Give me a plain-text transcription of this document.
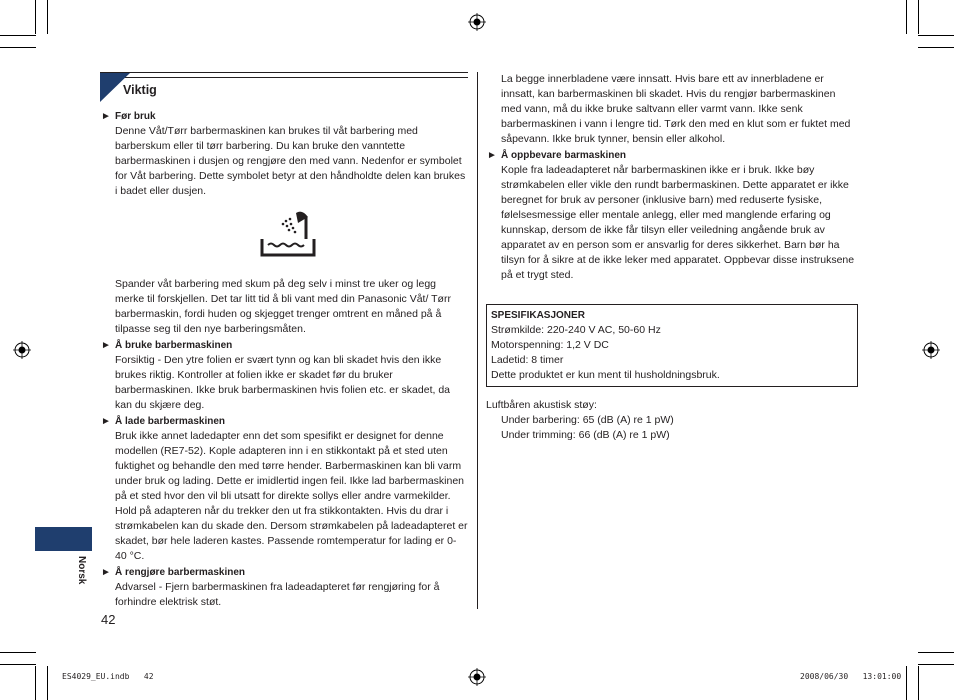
Viktig
► Før bruk
Denne Våt/Tørr barbermaskinen kan brukes til våt barbering med barberskum eller til tørr barbering. Du kan bruke den vanntette barbermaskinen i dusjen og rengjøre den med vann. Nedenfor er symbolet for Våt barbering. Dette symbolet betyr at den håndholdte delen kan brukes i badet eller dusjen.
Spander våt barbering med skum på deg selv i minst tre uker og legg merke til forskjellen. Det tar litt tid å bli vant med din Panasonic Våt/ Tørr barbermaskin, fordi huden og skjegget trenger omtrent en måned på å tilpasse seg til den nye barberingsmåten.
► Å bruke barbermaskinen
Forsiktig - Den ytre folien er svært tynn og kan bli skadet hvis den ikke brukes riktig. Kontroller at folien ikke er skadet før du bruker barbermaskinen. Ikke bruk barbermaskinen hvis folien etc. er skadet, da kan du skjære deg.
► Å lade barbermaskinen
Bruk ikke annet ladedapter enn det som spesifikt er designet for denne modellen (RE7-52). Kople adapteren inn i en stikkontakt på et sted uten fuktighet og behandle den med tørre hender. Barbermaskinen kan bli varm under bruk og lading. Dette er imidlertid ingen feil. Ikke lad barbermaskinen på et sted hvor den vil bli utsatt for direkte sollys eller andre varmekilder. Hold på adapteren når du trekker den ut fra stikkontakten. Hvis du drar i strømkabelen kan du skade den. Dersom strømkabelen på ladeadapteret er skadet, bør hele laderen kastes. Passende romtemperatur for lading er 0-40 °C.
► Å rengjøre barbermaskinen
Advarsel - Fjern barbermaskinen fra ladeadapteret før rengjøring for å forhindre elektrisk støt.
La begge innerbladene være innsatt. Hvis bare ett av innerbladene er innsatt, kan barbermaskinen bli skadet. Hvis du rengjør barbermaskinen med vann, må du ikke bruke saltvann eller varmt vann. Ikke senk barbermaskinen i vann i lengre tid. Tørk den med en klut som er fuktet med såpevann. Ikke bruk tynner, bensin eller alkohol.
► Å oppbevare barmaskinen
Kople fra ladeadapteret når barbermaskinen ikke er i bruk. Ikke bøy strømkabelen eller vikle den rundt barbermaskinen. Dette apparatet er ikke beregnet for bruk av personer (inklusive barn) med reduserte fysiske, følelsesmessige eller mentale anlegg, eller med manglende erfaring og kunnskap, dersom de ikke får tilsyn eller veiledning angående bruk av apparatet av en person som er ansvarlig for deres sikkerhet. Barn bør ha tilsyn for å sikre at de ikke leker med apparatet. Oppbevar disse instruksene på et trygt sted.
SPESIFIKASJONER
Strømkilde: 220-240 V AC, 50-60 Hz
Motorspenning: 1,2 V DC
Ladetid: 8 timer
Dette produktet er kun ment til husholdningsbruk.
Luftbåren akustisk støy:
Under barbering: 65 (dB (A) re 1 pW)
Under trimming: 66 (dB (A) re 1 pW)
Norsk
42
ES4029_EU.indb   42	2008/06/30   13:01:00
